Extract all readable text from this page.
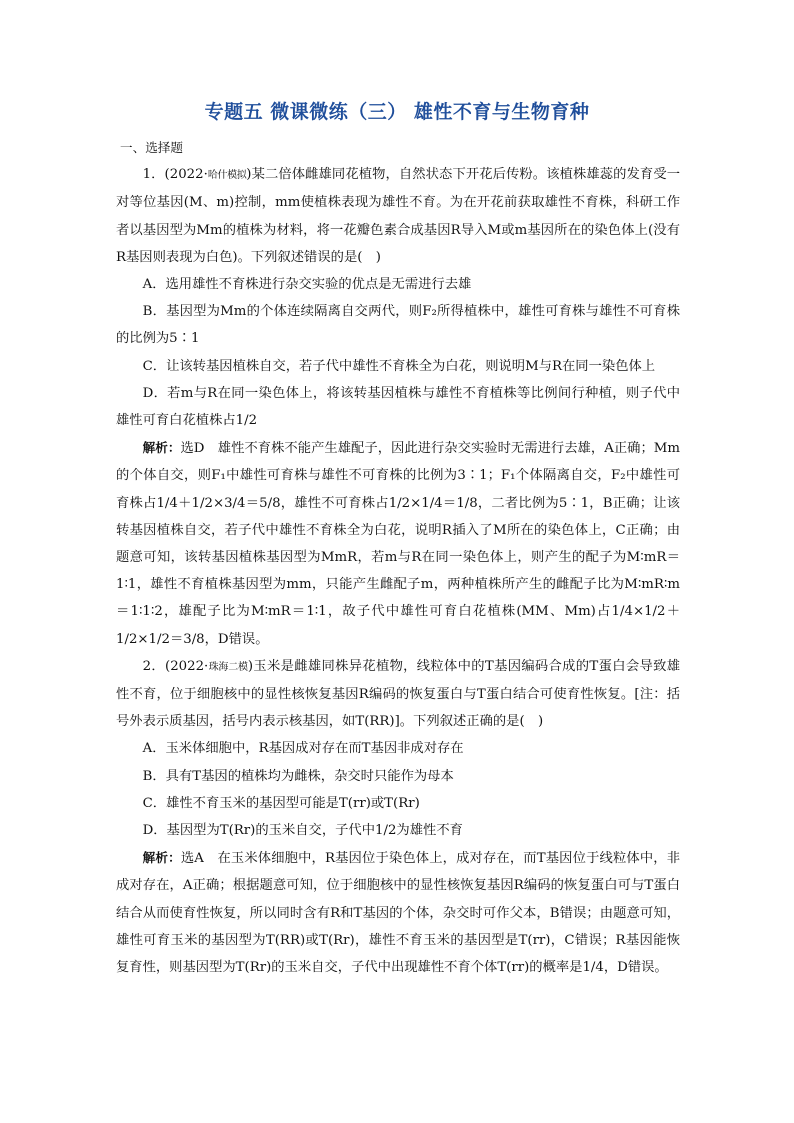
专题五 微课微练（三） 雄性不育与生物育种
一、选择题

1．(2022·哈什模拟)某二倍体雌雄同花植物，自然状态下开花后传粉。该植株雄蕊的发育受一对等位基因(M、m)控制，mm使植株表现为雄性不育。为在开花前获取雄性不育株，科研工作者以基因型为Mm的植株为材料，将一花瓣色素合成基因R导入M或m基因所在的染色体上(没有R基因则表现为白色)。下列叙述错误的是(　)

A．选用雄性不育株进行杂交实验的优点是无需进行去雄

B．基因型为Mm的个体连续隔离自交两代，则F₂所得植株中，雄性可育株与雄性不可育株的比例为5∶1

C．让该转基因植株自交，若子代中雄性不育株全为白花，则说明M与R在同一染色体上

D．若m与R在同一染色体上，将该转基因植株与雄性不育植株等比例间行种植，则子代中雄性可育白花植株占1/2

解析：选D　雄性不育株不能产生雄配子，因此进行杂交实验时无需进行去雄，A正确；Mm的个体自交，则F₁中雄性可育株与雄性不可育株的比例为3∶1；F₁个体隔离自交，F₂中雄性可育株占1/4＋1/2×3/4＝5/8，雄性不可育株占1/2×1/4＝1/8，二者比例为5∶1，B正确；让该转基因植株自交，若子代中雄性不育株全为白花，说明R插入了M所在的染色体上，C正确；由题意可知，该转基因植株基因型为MmR，若m与R在同一染色体上，则产生的配子为M∶mR＝1∶1，雄性不育植株基因型为mm，只能产生雌配子m，两种植株所产生的雌配子比为M∶mR∶m＝1∶1∶2，雄配子比为M∶mR＝1∶1，故子代中雄性可育白花植株(MM、Mm)占1/4×1/2＋1/2×1/2＝3/8，D错误。

2．(2022·珠海二模)玉米是雌雄同株异花植物，线粒体中的T基因编码合成的T蛋白会导致雄性不育，位于细胞核中的显性核恢复基因R编码的恢复蛋白与T蛋白结合可使育性恢复。[注：括号外表示质基因，括号内表示核基因，如T(RR)]。下列叙述正确的是(　)

A．玉米体细胞中，R基因成对存在而T基因非成对存在

B．具有T基因的植株均为雌株，杂交时只能作为母本

C．雄性不育玉米的基因型可能是T(rr)或T(Rr)

D．基因型为T(Rr)的玉米自交，子代中1/2为雄性不育

解析：选A　在玉米体细胞中，R基因位于染色体上，成对存在，而T基因位于线粒体中，非成对存在，A正确；根据题意可知，位于细胞核中的显性核恢复基因R编码的恢复蛋白可与T蛋白结合从而使育性恢复，所以同时含有R和T基因的个体，杂交时可作父本，B错误；由题意可知，雄性可育玉米的基因型为T(RR)或T(Rr)，雄性不育玉米的基因型是T(rr)，C错误；R基因能恢复育性，则基因型为T(Rr)的玉米自交，子代中出现雄性不育个体T(rr)的概率是1/4，D错误。
